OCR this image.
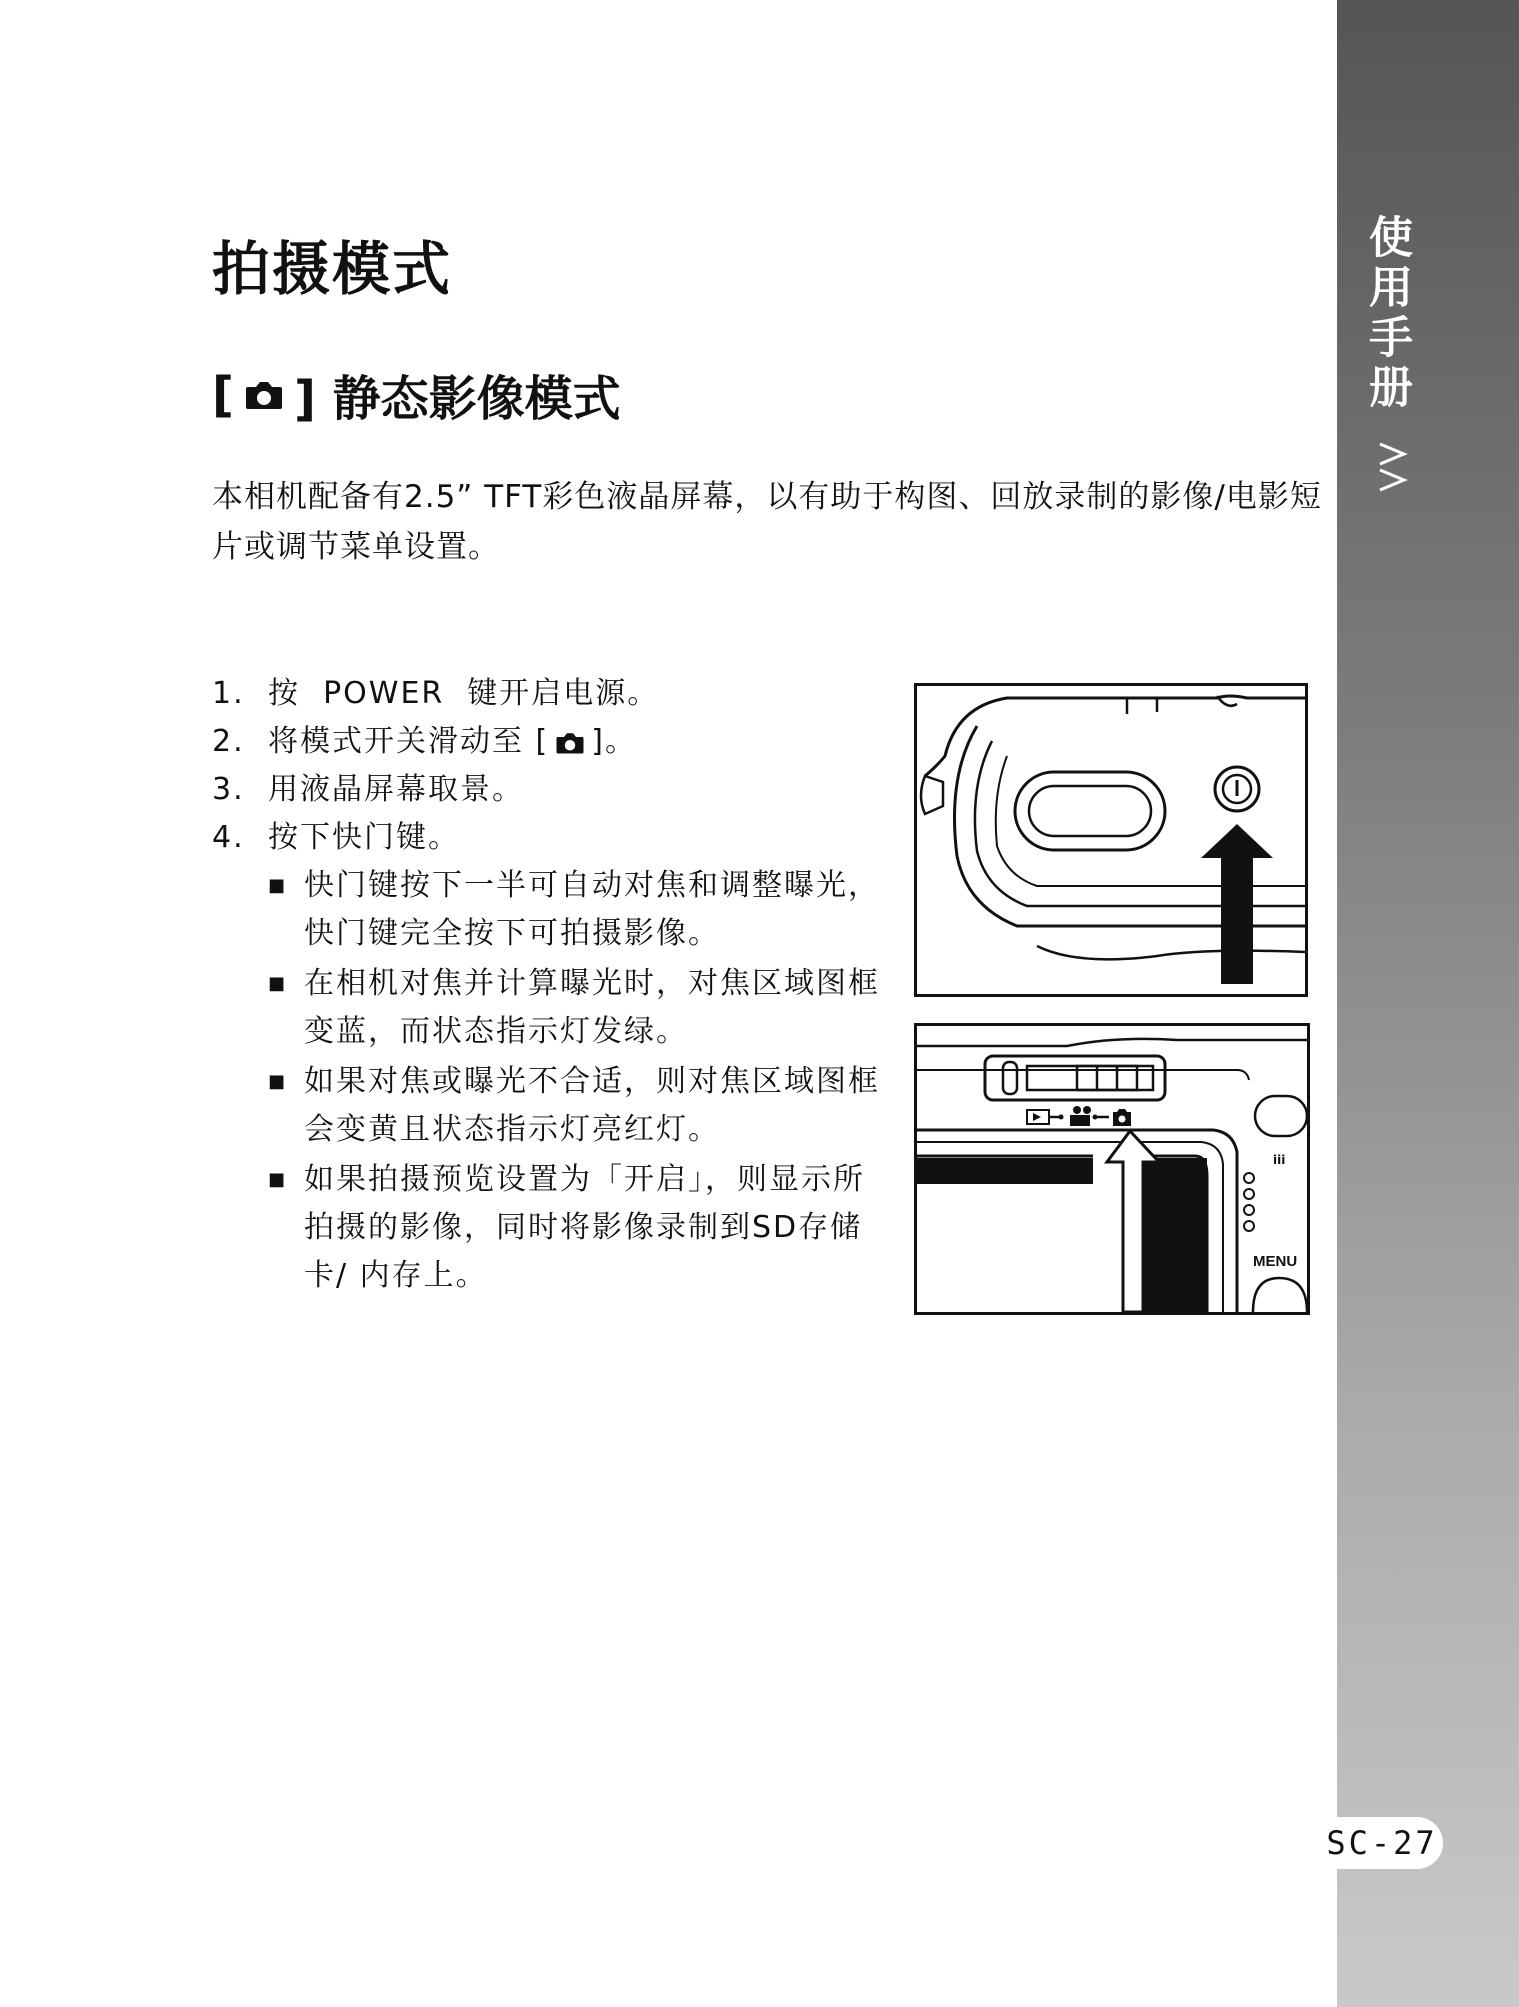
拍摄模式
[ ] 静态影像模式

本相机配备有2.5” TFT彩色液晶屏幕，以有助于构图、回放录制的影像/电影短片或调节菜单设置。

1. 按  POWER  键开启电源。
2. 将模式开关滑动至 [ ]。
3. 用液晶屏幕取景。
4. 按下快门键。
■ 快门键按下一半可自动对焦和调整曝光，快门键完全按下可拍摄影像。
■ 在相机对焦并计算曝光时，对焦区域图框变蓝，而状态指示灯发绿。
■ 如果对焦或曝光不合适，则对焦区域图框会变黄且状态指示灯亮红灯。
■ 如果拍摄预览设置为「开启」，则显示所拍摄的影像，同时将影像录制到SD存储卡/ 内存上。
ⅰⅰⅰ
MENU
使用手册
SC-27
